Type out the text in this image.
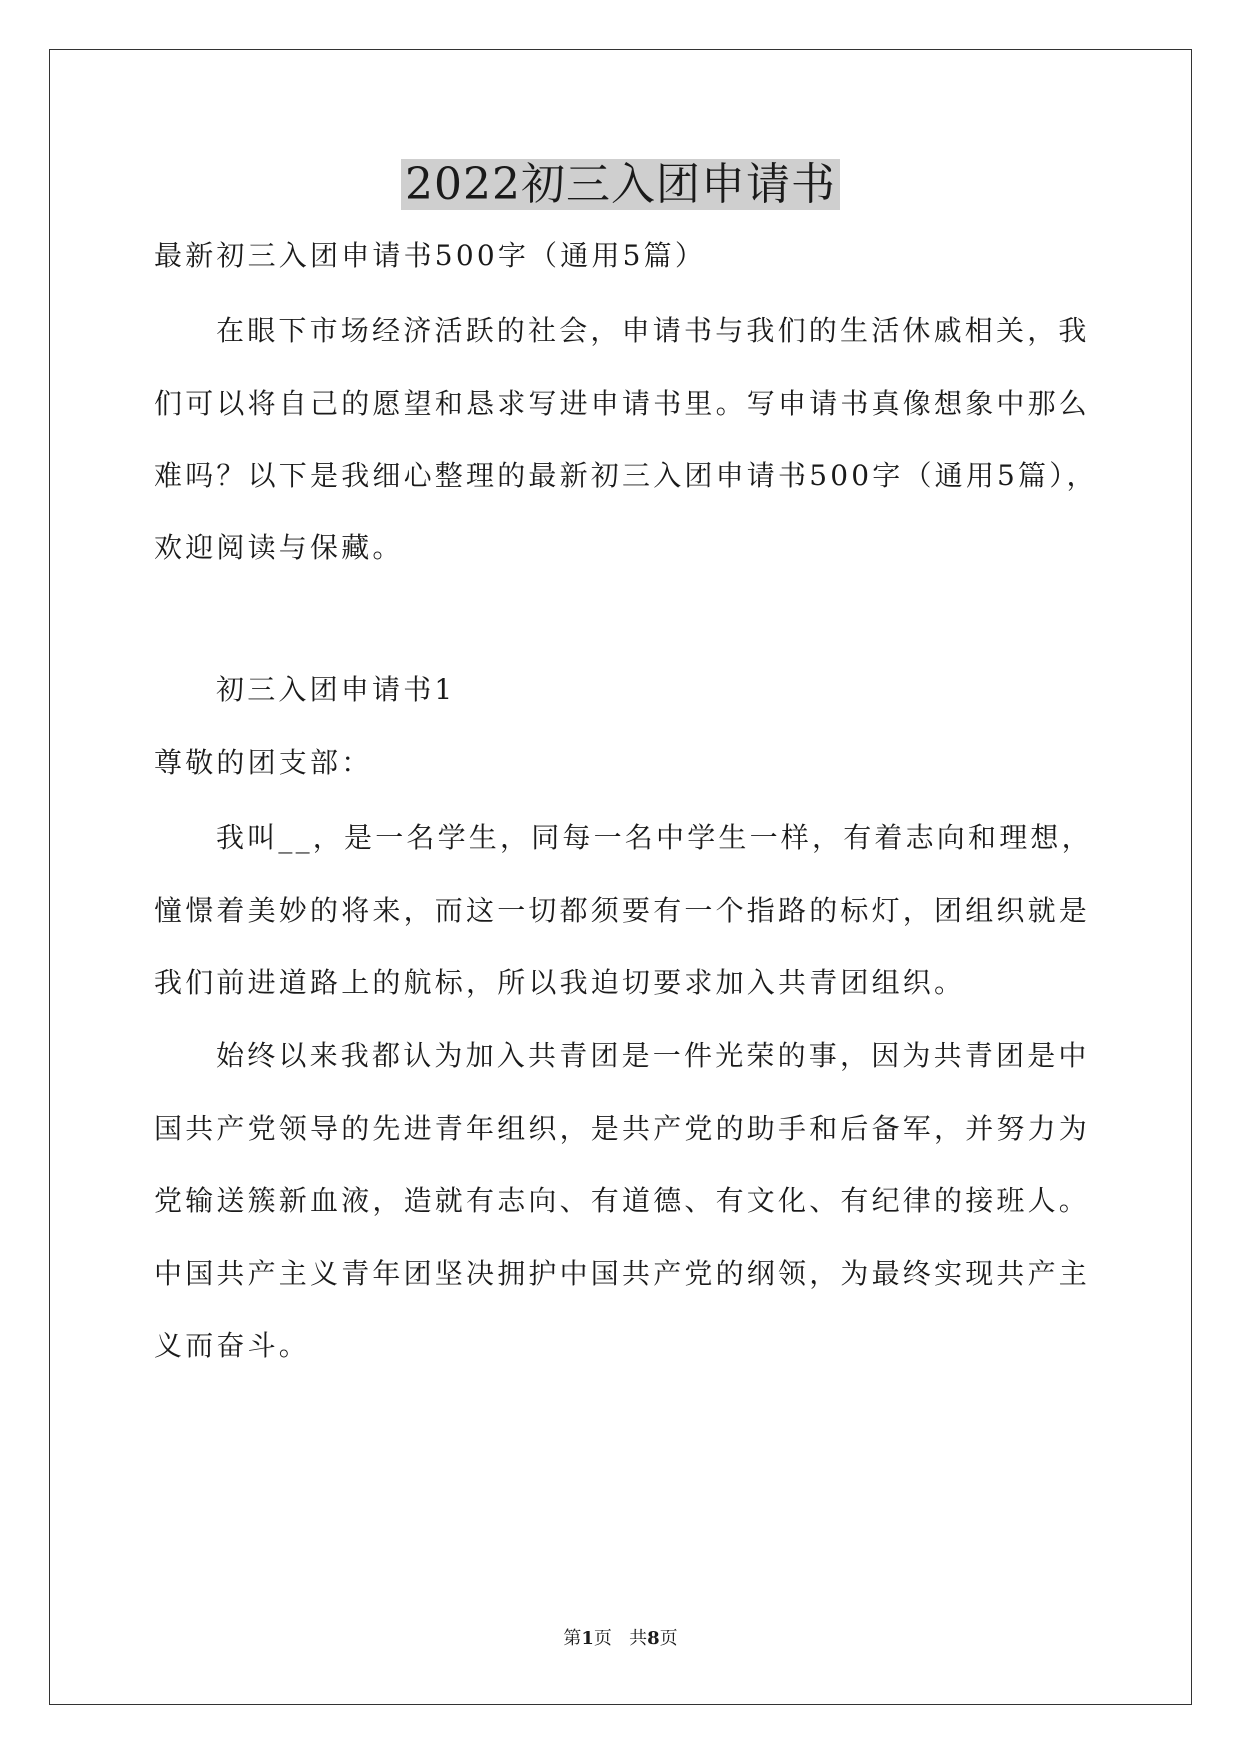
2022初三入团申请书

最新初三入团申请书500字（通用5篇）

在眼下市场经济活跃的社会，申请书与我们的生活休戚相关，我

们可以将自己的愿望和恳求写进申请书里。写申请书真像想象中那么

难吗？以下是我细心整理的最新初三入团申请书500字（通用5篇），

欢迎阅读与保藏。

初三入团申请书1

尊敬的团支部：

我叫__，是一名学生，同每一名中学生一样，有着志向和理想，

憧憬着美妙的将来，而这一切都须要有一个指路的标灯，团组织就是

我们前进道路上的航标，所以我迫切要求加入共青团组织。

始终以来我都认为加入共青团是一件光荣的事，因为共青团是中

国共产党领导的先进青年组织，是共产党的助手和后备军，并努力为

党输送簇新血液，造就有志向、有道德、有文化、有纪律的接班人。

中国共产主义青年团坚决拥护中国共产党的纲领，为最终实现共产主

义而奋斗。

第1页   共8页
